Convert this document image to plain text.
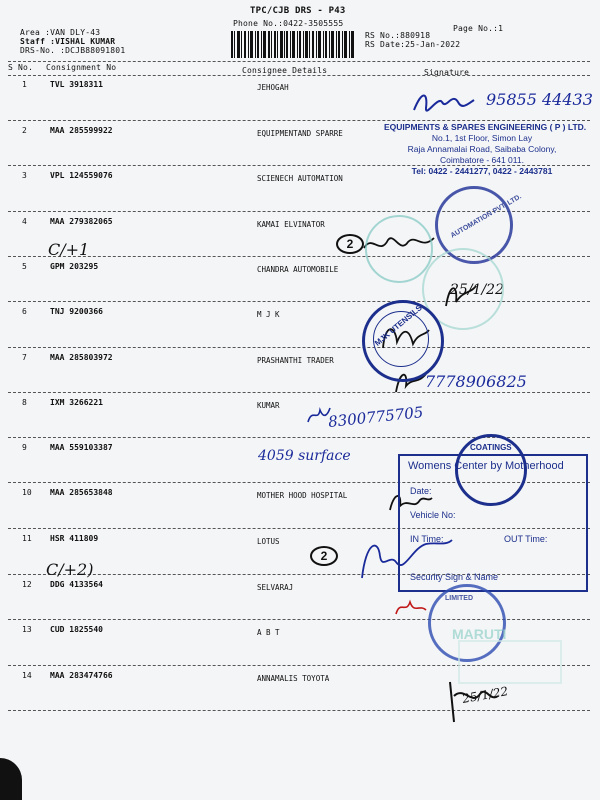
TPC/CJB DRS - P43
Phone No.:0422-3505555
Area :VAN DLY-43
Staff :VISHAL KUMAR
DRS-No. :DCJB88091801
RS No.:880918
RS Date:25-Jan-2022
Page No.:1
S No. Consignment No	Consignee Details	Signature
1	TVL 3918311	JEHOGAH
2	MAA 285599922	EQUIPMENTAND SPARRE
3	VPL 124559076	SCIENECH AUTOMATION
4	MAA 279382065	KAMAI ELVINATOR
5	GPM 203295	CHANDRA AUTOMOBILE
6	TNJ 9200366	M J K
7	MAA 285803972	PRASHANTHI TRADER
8	IXM 3266221	KUMAR
9	MAA 559103387
10 MAA 285653848	MOTHER HOOD HOSPITAL
11 HSR 411809	LOTUS
12 DDG 4133564	SELVARAJ
13 CUD 1825540	A B T
14 MAA 283474766	ANNAMALIS TOYOTA
95855 44433
C/+1
C/+2)
25/1/22
7778906825
8300775705
4059 surface
25/1/22
2
2
EQUIPMENTS & SPARES ENGINEERING ( P ) LTD.
No.1, 1st Floor, Simon Lay
Raja Annamalai Road, Saibaba Colony,
Coimbatore - 641 011.
Tel: 0422 - 2441277, 0422 - 2443781
AUTOMATION PVT. LTD.
MJK UTENSILS
COATINGS
Womens Center by Motherhood
Date:
Vehicle No:
IN Time:	OUT Time:
Security Sign & Name
LIMITED
MARUTI
